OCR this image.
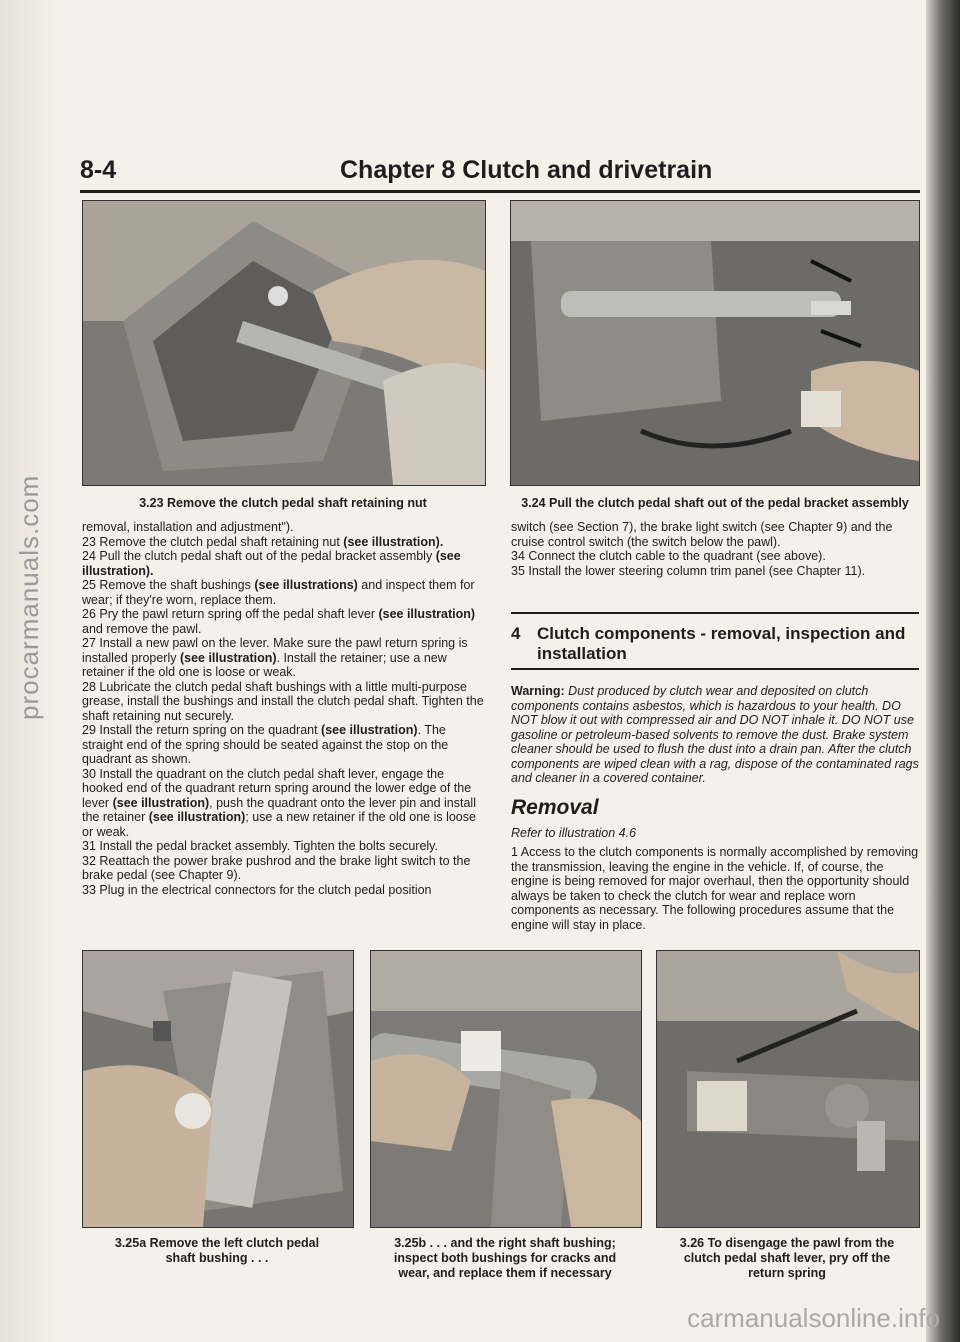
procarmanuals.com
8-4	Chapter 8 Clutch and drivetrain
3.23 Remove the clutch pedal shaft retaining nut	3.24 Pull the clutch pedal shaft out of the pedal bracket assembly

removal, installation and adjustment").

23 Remove the clutch pedal shaft retaining nut (see illustration).

24 Pull the clutch pedal shaft out of the pedal bracket assembly (see illustration).

25 Remove the shaft bushings (see illustrations) and inspect them for wear; if they're worn, replace them.

26 Pry the pawl return spring off the pedal shaft lever (see illustration) and remove the pawl.

27 Install a new pawl on the lever. Make sure the pawl return spring is installed properly (see illustration). Install the retainer; use a new retainer if the old one is loose or weak.

28 Lubricate the clutch pedal shaft bushings with a little multi-purpose grease, install the bushings and install the clutch pedal shaft. Tighten the shaft retaining nut securely.

29 Install the return spring on the quadrant (see illustration). The straight end of the spring should be seated against the stop on the quadrant as shown.

30 Install the quadrant on the clutch pedal shaft lever, engage the hooked end of the quadrant return spring around the lower edge of the lever (see illustration), push the quadrant onto the lever pin and install the retainer (see illustration); use a new retainer if the old one is loose or weak.

31 Install the pedal bracket assembly. Tighten the bolts securely.

32 Reattach the power brake pushrod and the brake light switch to the brake pedal (see Chapter 9).

33 Plug in the electrical connectors for the clutch pedal position

switch (see Section 7), the brake light switch (see Chapter 9) and the cruise control switch (the switch below the pawl).

34 Connect the clutch cable to the quadrant (see above).

35 Install the lower steering column trim panel (see Chapter 11).

4 Clutch components - removal, inspection and
installation
Warning: Dust produced by clutch wear and deposited on clutch components contains asbestos, which is hazardous to your health. DO NOT blow it out with compressed air and DO NOT inhale it. DO NOT use gasoline or petroleum-based solvents to remove the dust. Brake system cleaner should be used to flush the dust into a drain pan. After the clutch components are wiped clean with a rag, dispose of the contaminated rags and cleaner in a covered container.
Removal
Refer to illustration 4.6

1 Access to the clutch components is normally accomplished by removing the transmission, leaving the engine in the vehicle. If, of course, the engine is being removed for major overhaul, then the opportunity should always be taken to check the clutch for wear and replace worn components as necessary. The following procedures assume that the engine will stay in place.

3.25a Remove the left clutch pedal
shaft bushing . . .
3.25b . . . and the right shaft bushing;
inspect both bushings for cracks and
wear, and replace them if necessary
3.26 To disengage the pawl from the
clutch pedal shaft lever, pry off the
return spring
carmanualsonline.info
